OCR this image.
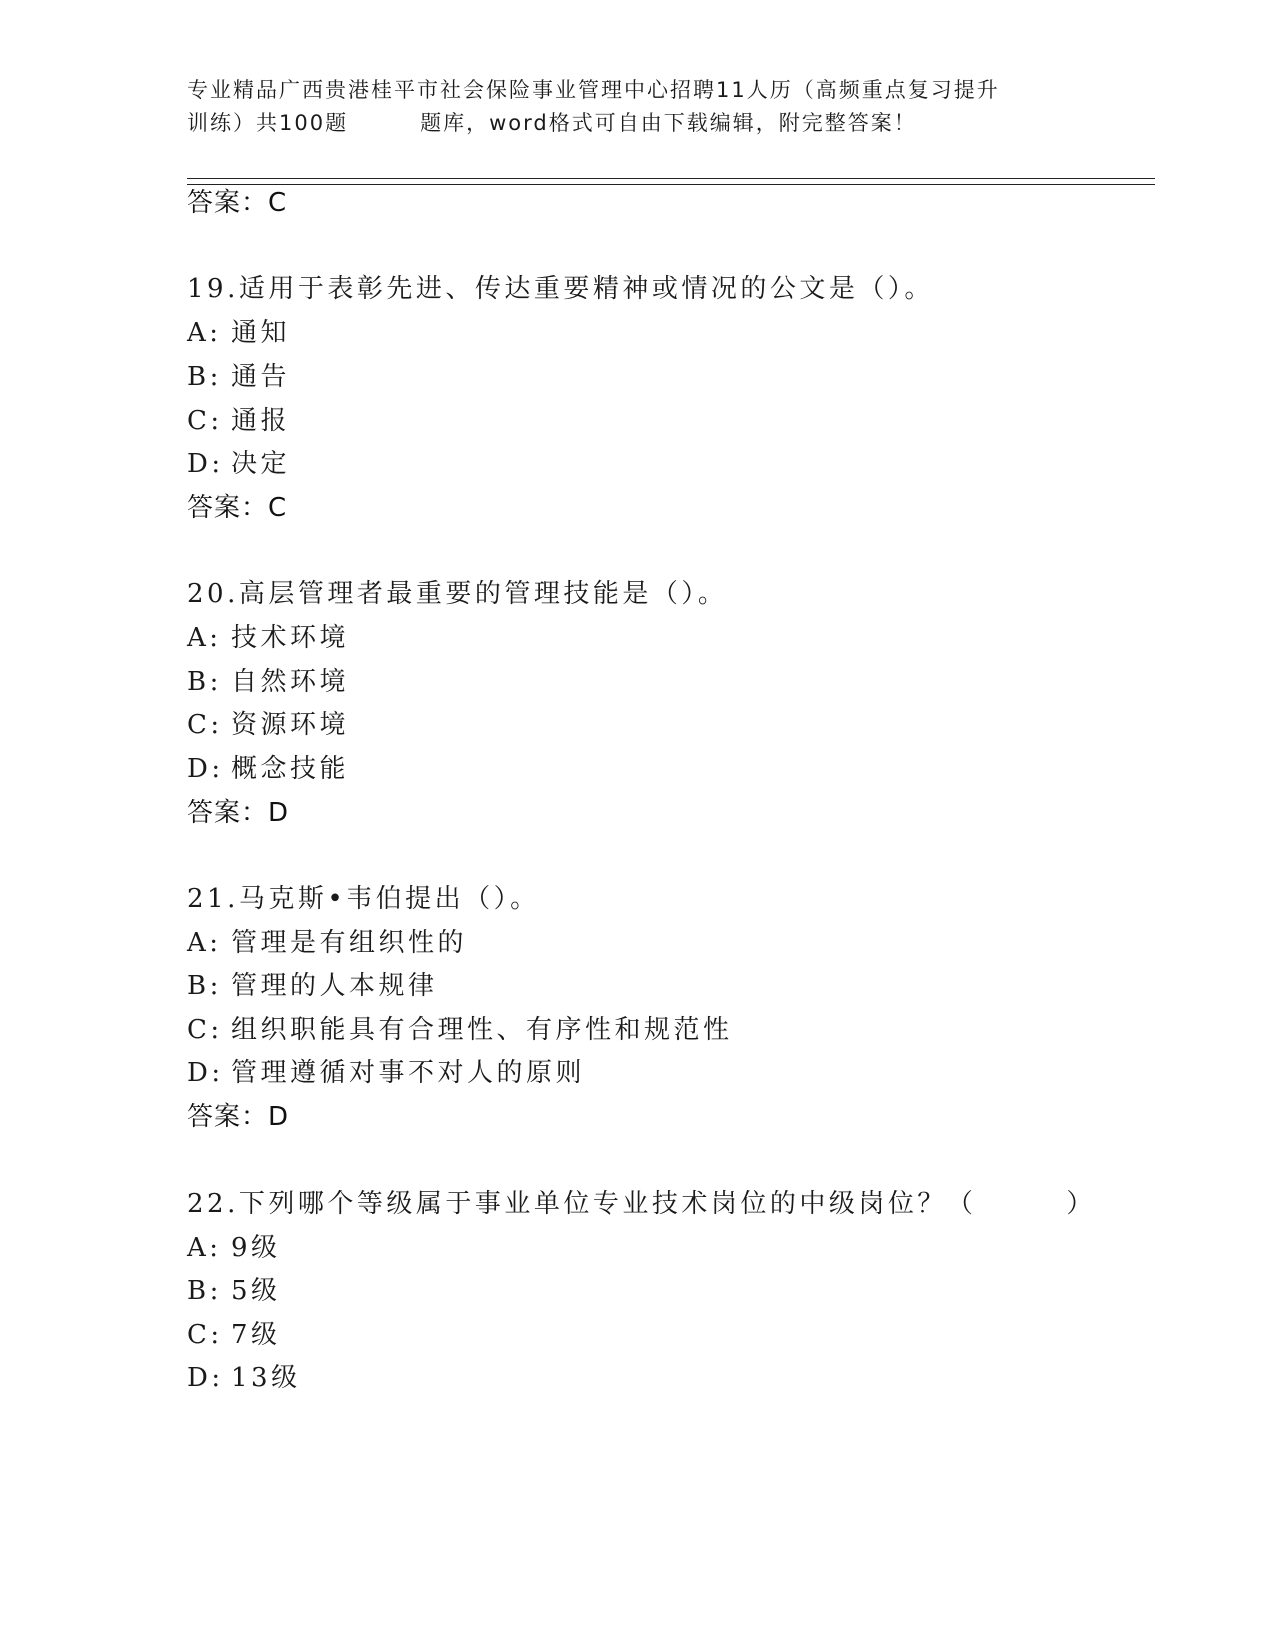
专业精品广西贵港桂平市社会保险事业管理中心招聘11人历（高频重点复习提升
训练）共100题	题库，word格式可自由下载编辑，附完整答案！
答案：C
19.适用于表彰先进、传达重要精神或情况的公文是（）。
A: 通知
B: 通告
C: 通报
D: 决定
答案：C
20.高层管理者最重要的管理技能是（）。
A: 技术环境
B: 自然环境
C: 资源环境
D: 概念技能
答案：D
21.马克斯•韦伯提出（）。
A: 管理是有组织性的
B: 管理的人本规律
C: 组织职能具有合理性、有序性和规范性
D: 管理遵循对事不对人的原则
答案：D
22.下列哪个等级属于事业单位专业技术岗位的中级岗位？（	）
A: 9级
B: 5级
C: 7级
D: 13级
